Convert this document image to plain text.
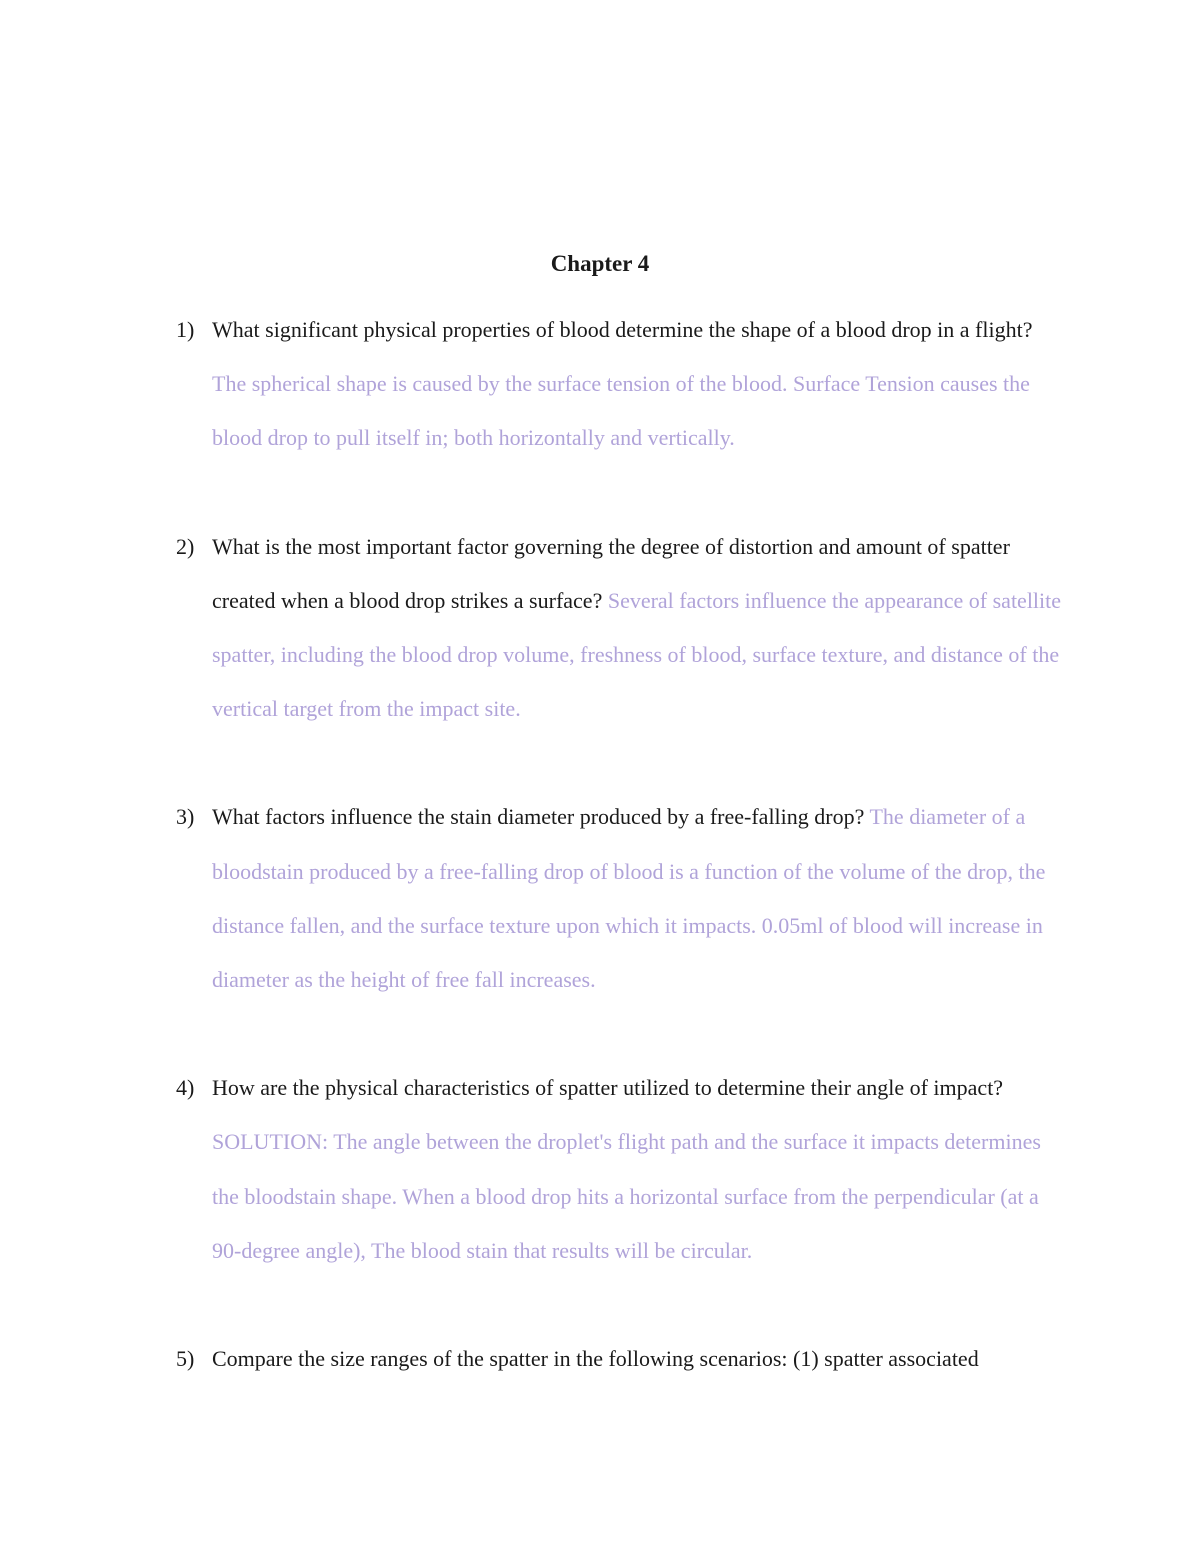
Chapter 4
1) What significant physical properties of blood determine the shape of a blood drop in a flight? The spherical shape is caused by the surface tension of the blood. Surface Tension causes the blood drop to pull itself in; both horizontally and vertically.
2) What is the most important factor governing the degree of distortion and amount of spatter created when a blood drop strikes a surface? Several factors influence the appearance of satellite spatter, including the blood drop volume, freshness of blood, surface texture, and distance of the vertical target from the impact site.
3) What factors influence the stain diameter produced by a free-falling drop? The diameter of a bloodstain produced by a free-falling drop of blood is a function of the volume of the drop, the distance fallen, and the surface texture upon which it impacts. 0.05ml of blood will increase in diameter as the height of free fall increases.
4) How are the physical characteristics of spatter utilized to determine their angle of impact? SOLUTION: The angle between the droplet's flight path and the surface it impacts determines the bloodstain shape. When a blood drop hits a horizontal surface from the perpendicular (at a 90-degree angle), The blood stain that results will be circular.
5) Compare the size ranges of the spatter in the following scenarios: (1) spatter associated
